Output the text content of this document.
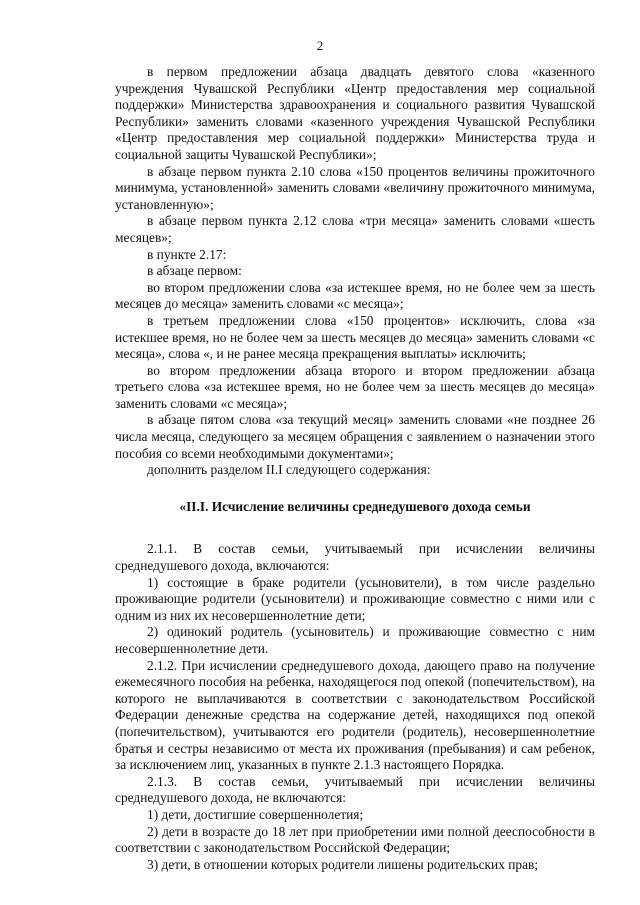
2

в первом предложении абзаца двадцать девятого слова «казенного учреждения Чувашской Республики «Центр предоставления мер социальной поддержки» Министерства здравоохранения и социального развития Чувашской Республики» заменить словами «казенного учреждения Чувашской Республики «Центр предоставления мер социальной поддержки» Министерства труда и социальной защиты Чувашской Республики»;

в абзаце первом пункта 2.10 слова «150 процентов величины прожиточного минимума, установленной» заменить словами «величину прожиточного минимума, установленную»;

в абзаце первом пункта 2.12 слова «три месяца» заменить словами «шесть месяцев»;

в пункте 2.17:

в абзаце первом:

во втором предложении слова «за истекшее время, но не более чем за шесть месяцев до месяца» заменить словами «с месяца»;

в третьем предложении слова «150 процентов» исключить, слова «за истекшее время, но не более чем за шесть месяцев до месяца» заменить словами «с месяца», слова «, и не ранее месяца прекращения выплаты» исключить;

во втором предложении абзаца второго и втором предложении абзаца третьего слова «за истекшее время, но не более чем за шесть месяцев до месяца» заменить словами «с месяца»;

в абзаце пятом слова «за текущий месяц» заменить словами «не позднее 26 числа месяца, следующего за месяцем обращения с заявлением о назначении этого пособия со всеми необходимыми документами»;

дополнить разделом II.I следующего содержания:

«II.I. Исчисление величины среднедушевого дохода семьи

2.1.1. В состав семьи, учитываемый при исчислении величины среднедушевого дохода, включаются:

1) состоящие в браке родители (усыновители), в том числе раздельно проживающие родители (усыновители) и проживающие совместно с ними или с одним из них их несовершеннолетние дети;

2) одинокий родитель (усыновитель) и проживающие совместно с ним несовершеннолетние дети.

2.1.2. При исчислении среднедушевого дохода, дающего право на получение ежемесячного пособия на ребенка, находящегося под опекой (попечительством), на которого не выплачиваются в соответствии с законодательством Российской Федерации денежные средства на содержание детей, находящихся под опекой (попечительством), учитываются его родители (родитель), несовершеннолетние братья и сестры независимо от места их проживания (пребывания) и сам ребенок, за исключением лиц, указанных в пункте 2.1.3 настоящего Порядка.

2.1.3. В состав семьи, учитываемый при исчислении величины среднедушевого дохода, не включаются:

1) дети, достигшие совершеннолетия;

2) дети в возрасте до 18 лет при приобретении ими полной дееспособности в соответствии с законодательством Российской Федерации;

3) дети, в отношении которых родители лишены родительских прав;
